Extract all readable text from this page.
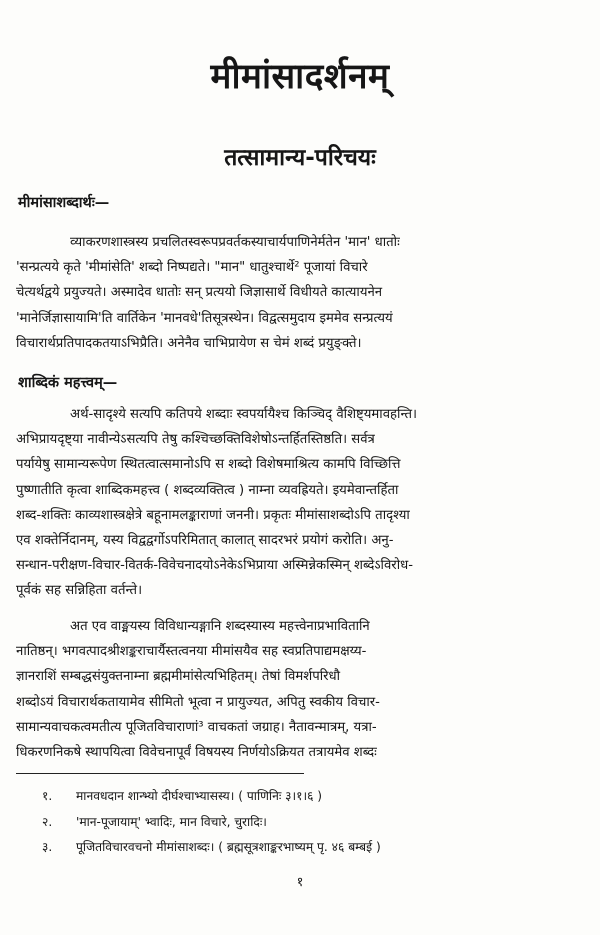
मीमांसादर्शनम्
तत्सामान्य-परिचयः
मीमांसाशब्दार्थः—
व्याकरणशास्त्रस्य प्रचलितस्वरूपप्रवर्तकस्याचार्यपाणिनेर्मतेन 'मान' धातोः
'सन्प्रत्यये कृते 'मीमांसेति' शब्दो निष्पद्यते। "मान" धातुश्चार्थे² पूजायां विचारे
चेत्यर्थद्वये प्रयुज्यते। अस्मादेव धातोः सन् प्रत्ययो जिज्ञासार्थे विधीयते कात्यायनेन
'मानेर्जिज्ञासायामि'ति वार्तिकेन 'मानवधे'तिसूत्रस्थेन। विद्वत्समुदाय इममेव सन्प्रत्ययं
विचारार्थप्रतिपादकतयाऽभिप्रैति। अनेनैव चाभिप्रायेण स चेमं शब्दं प्रयुङ्क्ते।
शाब्दिकं महत्त्वम्—
अर्थ-सादृश्ये सत्यपि कतिपये शब्दाः स्वपर्यायैश्च किञ्चिद् वैशिष्ट्यमावहन्ति।
अभिप्रायदृष्ट्या नावीन्येऽसत्यपि तेषु कश्चिच्छक्तिविशेषोऽन्तर्हितस्तिष्ठति। सर्वत्र
पर्यायेषु सामान्यरूपेण स्थितत्वात्समानोऽपि स शब्दो विशेषमाश्रित्य कामपि विच्छित्ति
पुष्णातीति कृत्वा शाब्दिकमहत्त्व ( शब्दव्यक्तित्व ) नाम्ना व्यवह्रियते। इयमेवान्तर्हिता
शब्द-शक्तिः काव्यशास्त्रक्षेत्रे बहूनामलङ्काराणां जननी। प्रकृतः मीमांसाशब्दोऽपि तादृश्या
एव शक्तेर्निदानम्, यस्य विद्वद्वर्गोऽपरिमितात् कालात् सादरभरं प्रयोगं करोति। अनु-
सन्धान-परीक्षण-विचार-वितर्क-विवेचनादयोऽनेकेऽभिप्राया अस्मिन्नेकस्मिन् शब्देऽविरोध-
पूर्वकं सह सन्निहिता वर्तन्ते।
अत एव वाङ्मयस्य विविधान्यङ्गानि शब्दस्यास्य महत्त्वेनाप्रभावितानि
नातिष्ठन्। भगवत्पादश्रीशङ्कराचार्यैस्तत्वनया मीमांसयैव सह स्वप्रतिपाद्यमक्षय्य-
ज्ञानराशिं सम्बद्धसंयुक्तनाम्ना ब्रह्ममीमांसेत्यभिहितम्। तेषां विमर्शपरिधौ
शब्दोऽयं विचारार्थकतायामेव सीमितो भूत्वा न प्रायुज्यत, अपितु स्वकीय विचार-
सामान्यवाचकत्वमतीत्य पूजितविचाराणां³ वाचकतां जग्राह। नैतावन्मात्रम्, यत्रा-
धिकरणनिकषे स्थापयित्वा विवेचनापूर्वं विषयस्य निर्णयोऽक्रियत तत्रायमेव शब्दः
१. मानवधदान शान्भ्यो दीर्घश्चाभ्यासस्य। ( पाणिनिः ३।१।६ )
२. 'मान-पूजायाम्' भ्वादिः, मान विचारे, चुरादिः।
३. पूजितविचारवचनो मीमांसाशब्दः। ( ब्रह्मसूत्रशाङ्करभाष्यम् पृ. ४६ बम्बई )
१
